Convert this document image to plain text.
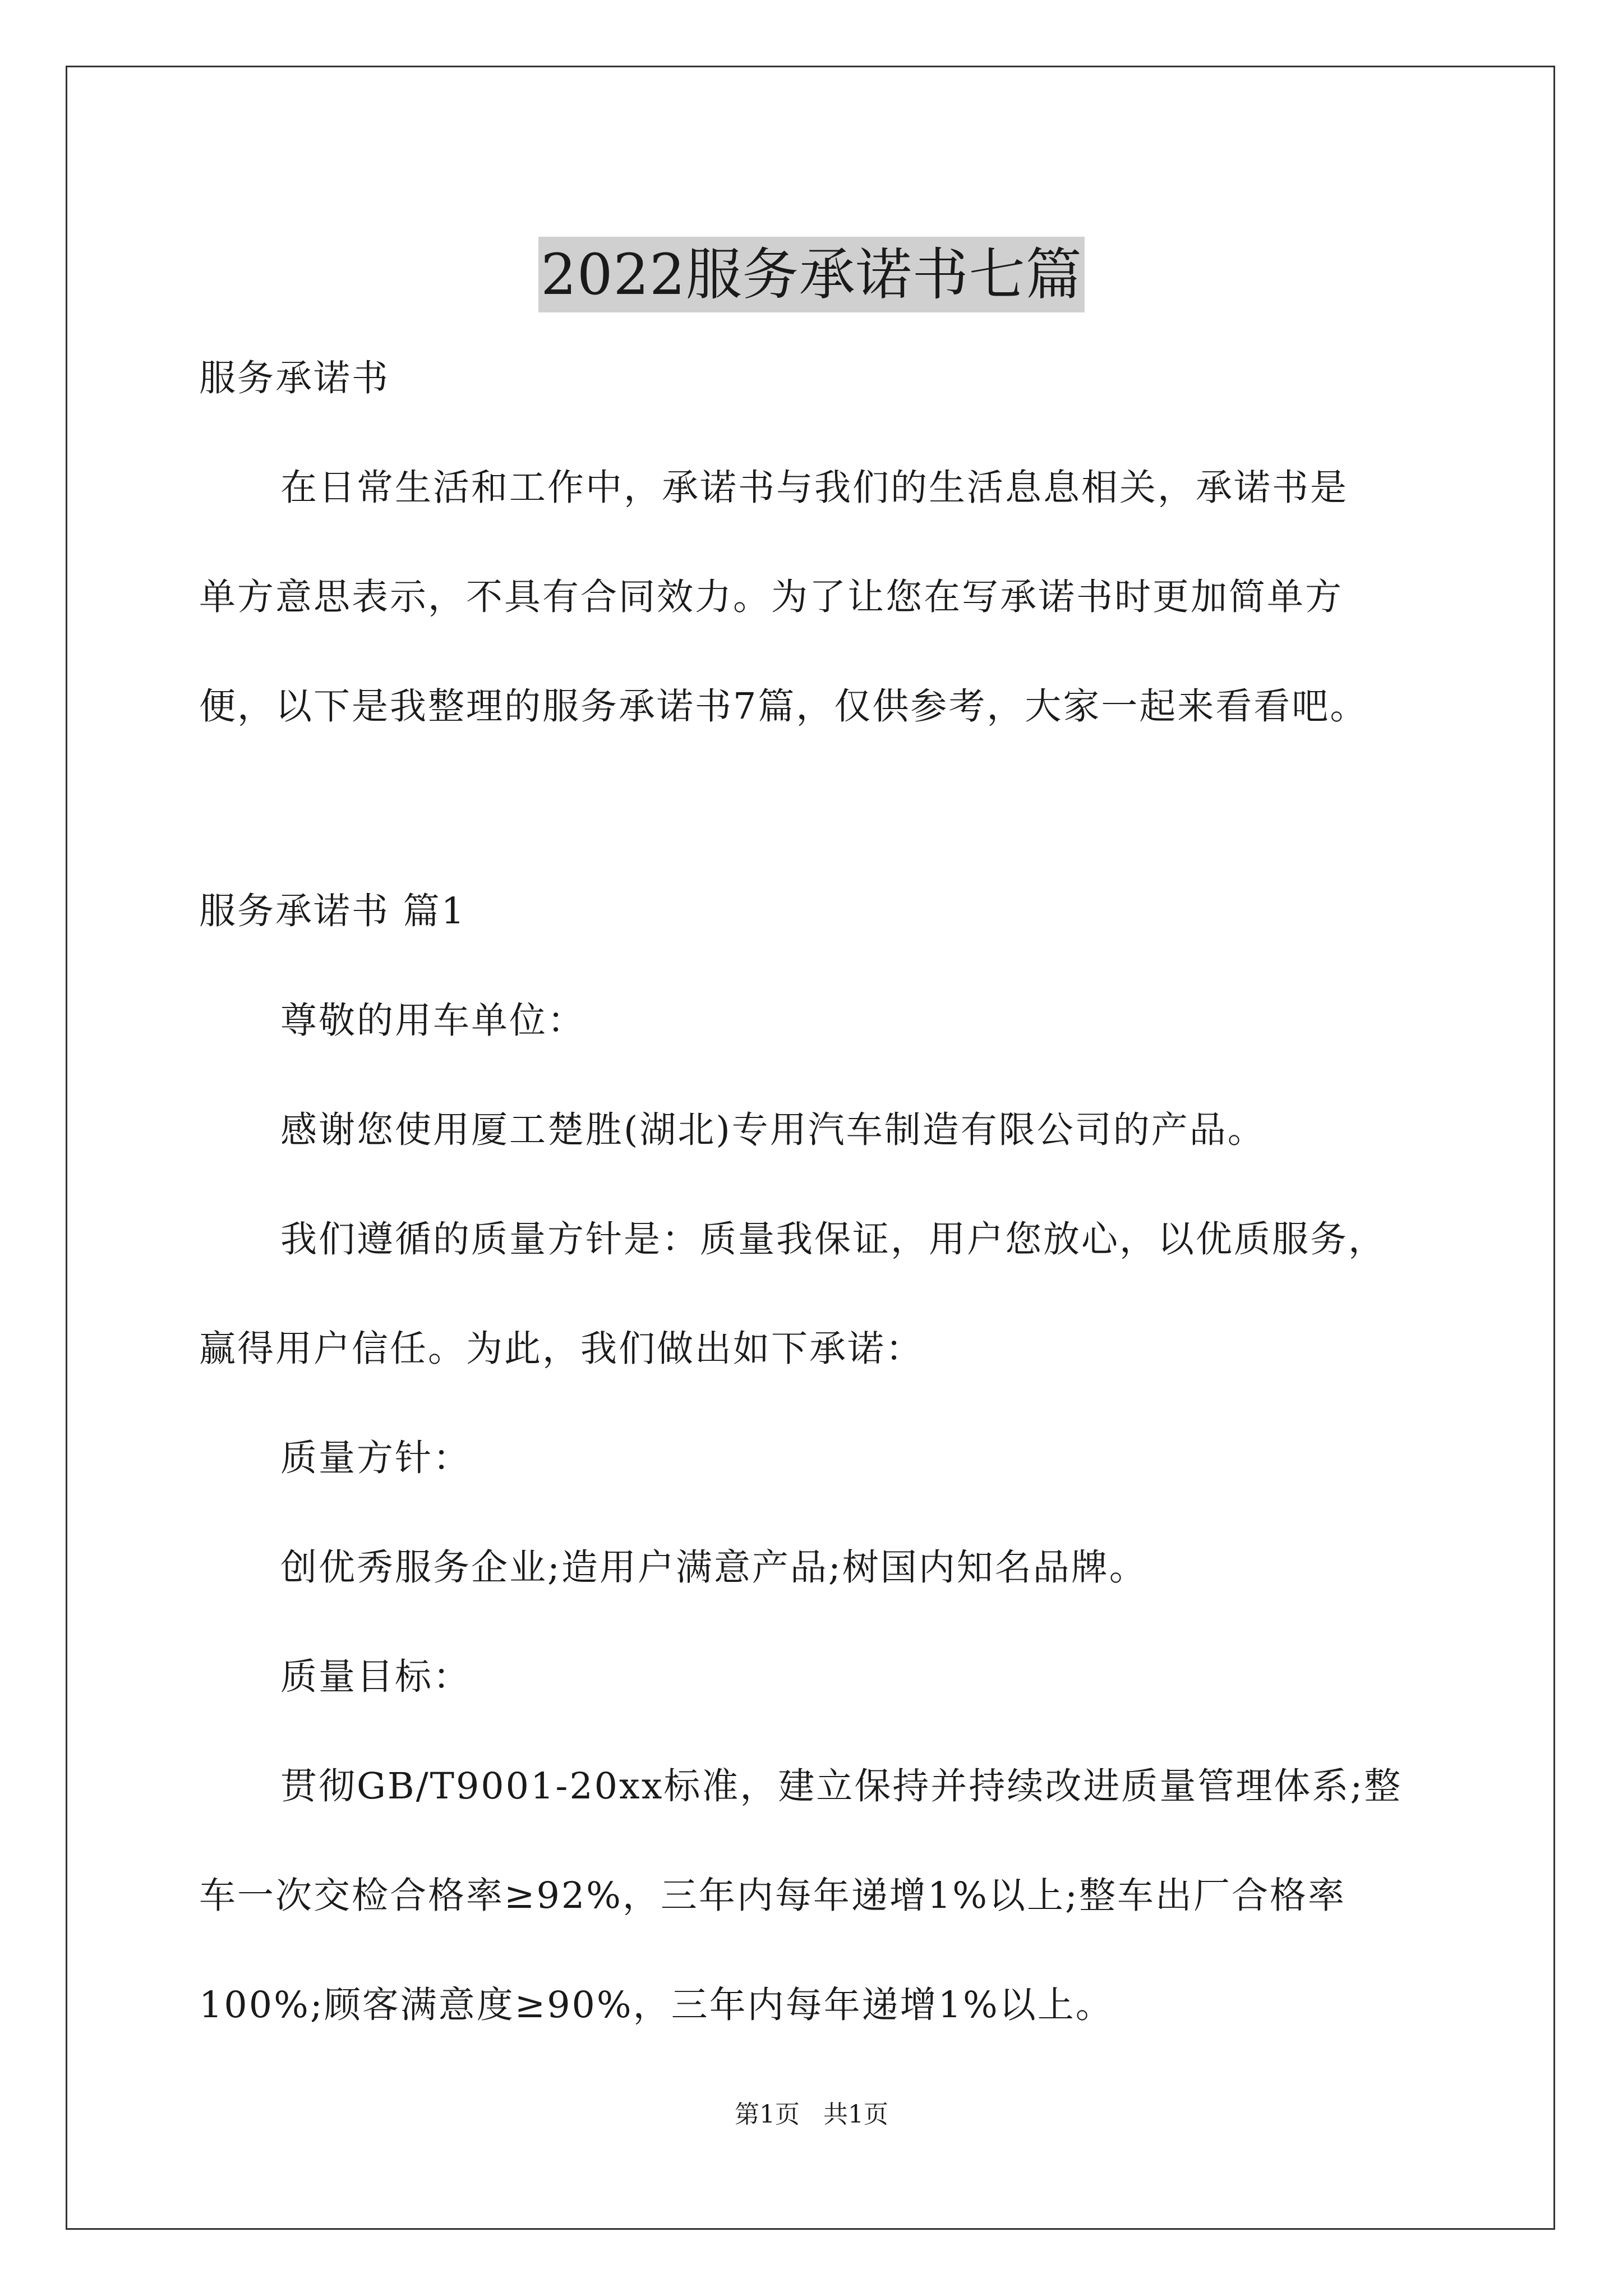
2022服务承诺书七篇
服务承诺书
在日常生活和工作中，承诺书与我们的生活息息相关，承诺书是
单方意思表示，不具有合同效力。为了让您在写承诺书时更加简单方
便，以下是我整理的服务承诺书7篇，仅供参考，大家一起来看看吧。
服务承诺书 篇1
尊敬的用车单位：
感谢您使用厦工楚胜(湖北)专用汽车制造有限公司的产品。
我们遵循的质量方针是：质量我保证，用户您放心，以优质服务，
赢得用户信任。为此，我们做出如下承诺：
质量方针：
创优秀服务企业;造用户满意产品;树国内知名品牌。
质量目标：
贯彻GB/T9001-20xx标准，建立保持并持续改进质量管理体系;整
车一次交检合格率≥92%，三年内每年递增1%以上;整车出厂合格率
100%;顾客满意度≥90%，三年内每年递增1%以上。
第1页   共1页
